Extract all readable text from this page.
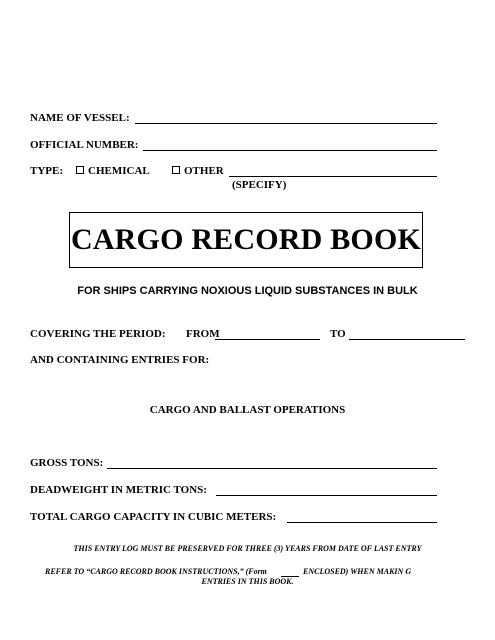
NAME OF VESSEL:
OFFICIAL NUMBER:
TYPE:	CHEMICAL	OTHER
(SPECIFY)
CARGO RECORD BOOK
FOR SHIPS CARRYING NOXIOUS LIQUID SUBSTANCES IN BULK
COVERING THE PERIOD: FROM	TO
AND CONTAINING ENTRIES FOR:
CARGO AND BALLAST OPERATIONS
GROSS TONS:
DEADWEIGHT IN METRIC TONS:
TOTAL CARGO CAPACITY IN CUBIC METERS:
THIS ENTRY LOG MUST BE PRESERVED FOR THREE (3) YEARS FROM DATE OF LAST ENTRY
REFER TO “CARGO RECORD BOOK INSTRUCTIONS,” (Form	ENCLOSED) WHEN MAKIN G
ENTRIES IN THIS BOOK.
